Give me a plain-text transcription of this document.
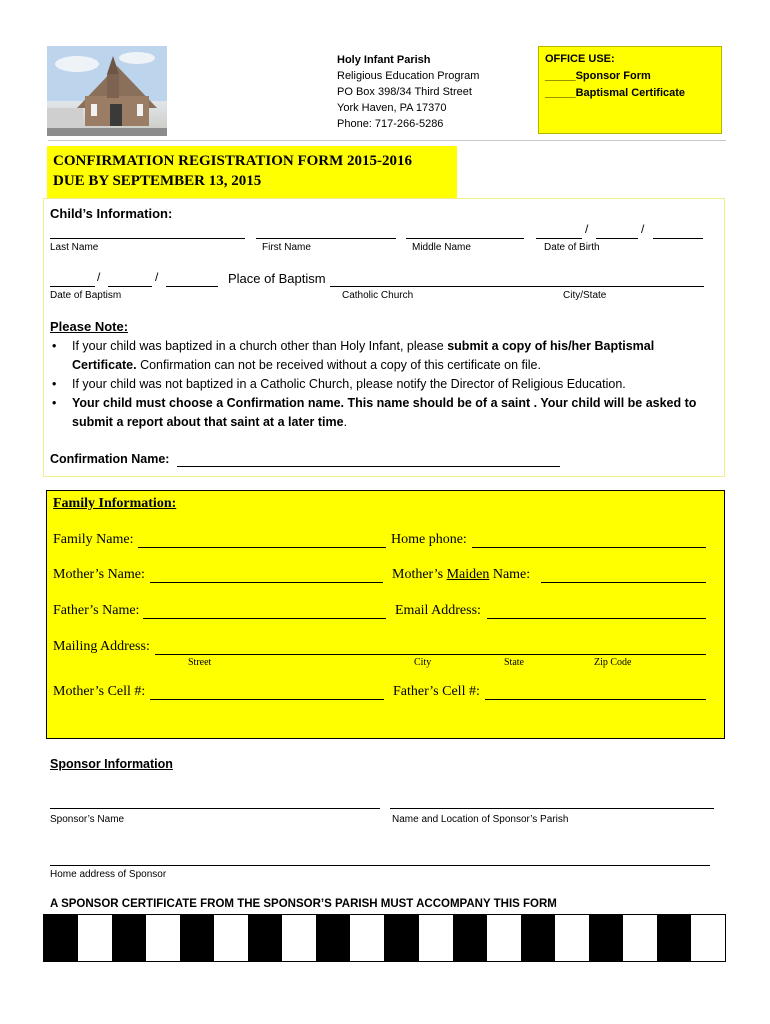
Holy Infant Parish
Religious Education Program
PO Box 398/34 Third Street
York Haven, PA 17370
Phone: 717-266-5286
OFFICE USE:
_____Sponsor Form
_____Baptismal Certificate
CONFIRMATION REGISTRATION FORM 2015-2016
DUE BY SEPTEMBER 13, 2015
Child’s Information:
/	/
Last Name	First Name	Middle Name	Date of Birth
/	/	Place of Baptism
Date of Baptism	Catholic Church	City/State
Please Note:
• If your child was baptized in a church other than Holy Infant, please submit a copy of his/her Baptismal Certificate. Confirmation can not be received without a copy of this certificate on file.
• If your child was not baptized in a Catholic Church, please notify the Director of Religious Education.
• Your child must choose a Confirmation name. This name should be of a saint . Your child will be asked to submit a report about that saint at a later time.
Confirmation Name:
Family Information:
Family Name:	Home phone:
Mother’s Name:	Mother’s Maiden Name:
Father’s Name:	Email Address:
Mailing Address:
Street	City	State	Zip Code
Mother’s Cell #:	Father’s Cell #:
Sponsor Information
Sponsor’s Name	Name and Location of Sponsor’s Parish
Home address of Sponsor
A SPONSOR CERTIFICATE FROM THE SPONSOR’S PARISH MUST ACCOMPANY THIS FORM
